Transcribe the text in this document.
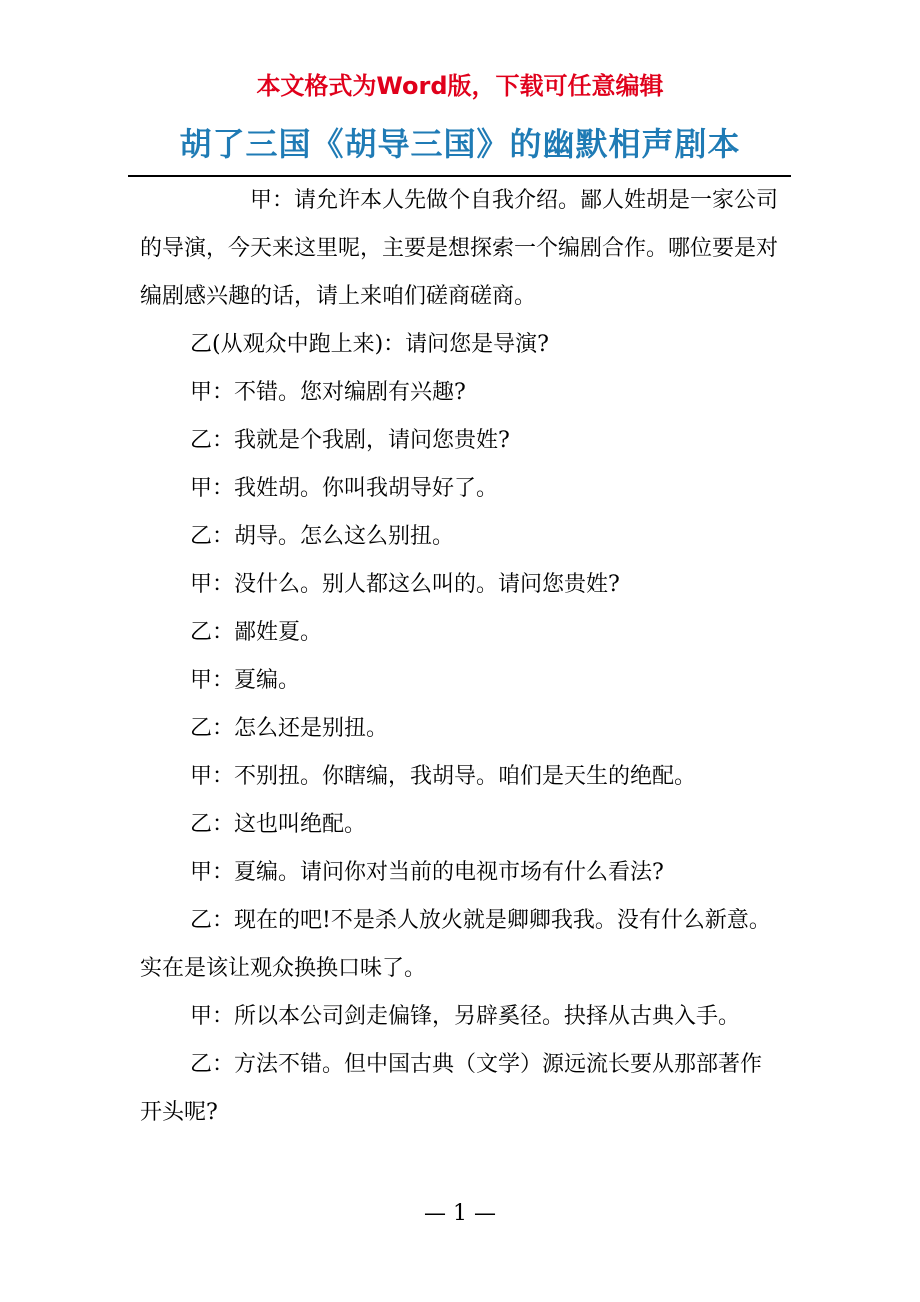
本文格式为Word版，下载可任意编辑
胡了三国《胡导三国》的幽默相声剧本

甲：请允许本人先做个自我介绍。鄙人姓胡是一家公司的导演，今天来这里呢，主要是想探索一个编剧合作。哪位要是对编剧感兴趣的话，请上来咱们磋商磋商。

乙(从观众中跑上来)：请问您是导演?

甲：不错。您对编剧有兴趣?

乙：我就是个我剧，请问您贵姓?

甲：我姓胡。你叫我胡导好了。

乙：胡导。怎么这么别扭。

甲：没什么。别人都这么叫的。请问您贵姓?

乙：鄙姓夏。

甲：夏编。

乙：怎么还是别扭。

甲：不别扭。你瞎编，我胡导。咱们是天生的绝配。

乙：这也叫绝配。

甲：夏编。请问你对当前的电视市场有什么看法?

乙：现在的吧!不是杀人放火就是卿卿我我。没有什么新意。实在是该让观众换换口味了。

甲：所以本公司剑走偏锋，另辟奚径。抉择从古典入手。

乙：方法不错。但中国古典（文学）源远流长要从那部著作开头呢?

— 1 —
